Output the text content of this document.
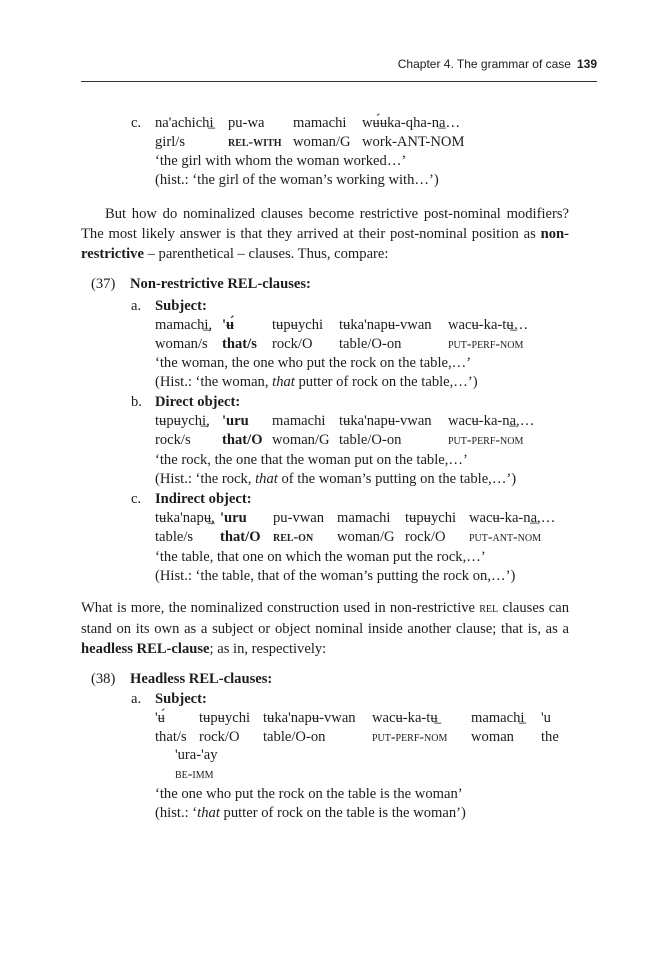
Chapter 4. The grammar of case 139
c. na'achichi̲
girl/s
pu-wa
rel-with
mamachi
woman/G
wʉ́ʉka-qha-na̲…
work-ANT-NOM
‘the girl with whom the woman worked…’
(hist.: ‘the girl of the woman’s working with…’)
But how do nominalized clauses become restrictive post-nominal modifiers? The most likely answer is that they arrived at their post-nominal position as non-restrictive – parenthetical – clauses. Thus, compare:
(37) Non-restrictive REL-clauses:
a. Subject:
mamachi̲,
woman/s
'ʉ́
that/s
tʉpʉychi
rock/O
tʉka'napʉ-vwan
table/O-on
wacʉ-ka-tʉ̲…
put-perf-nom
‘the woman, the one who put the rock on the table,…’
(Hist.: ‘the woman, that putter of rock on the table,…’)
b. Direct object:
tʉpʉychi̲,
rock/s
'uru
that/O
mamachi
woman/G
tʉka'napʉ-vwan
table/O-on
wacʉ-ka-na̲,…
put-perf-nom
‘the rock, the one that the woman put on the table,…’
(Hist.: ‘the rock, that of the woman’s putting on the table,…’)
c. Indirect object:
tʉka'napʉ̲,
table/s
'uru
that/O
pu-vwan
rel-on
mamachi
woman/G
tʉpʉychi
rock/O
wacʉ-ka-na̲,…
put-ant-nom
‘the table, that one on which the woman put the rock,…’
(Hist.: ‘the table, that of the woman’s putting the rock on,…’)
What is more, the nominalized construction used in non-restrictive rel clauses can stand on its own as a subject or object nominal inside another clause; that is, as a headless REL-clause; as in, respectively:
(38) Headless REL-clauses:
a. Subject:
'ʉ́
that/s
tʉpʉychi
rock/O
tʉka'napʉ-vwan
table/O-on
wacʉ-ka-tʉ̲
put-perf-nom
mamachi̲
woman
'u
the
'ura-'ay
be-imm
‘the one who put the rock on the table is the woman’
(hist.: ‘that putter of rock on the table is the woman’)
